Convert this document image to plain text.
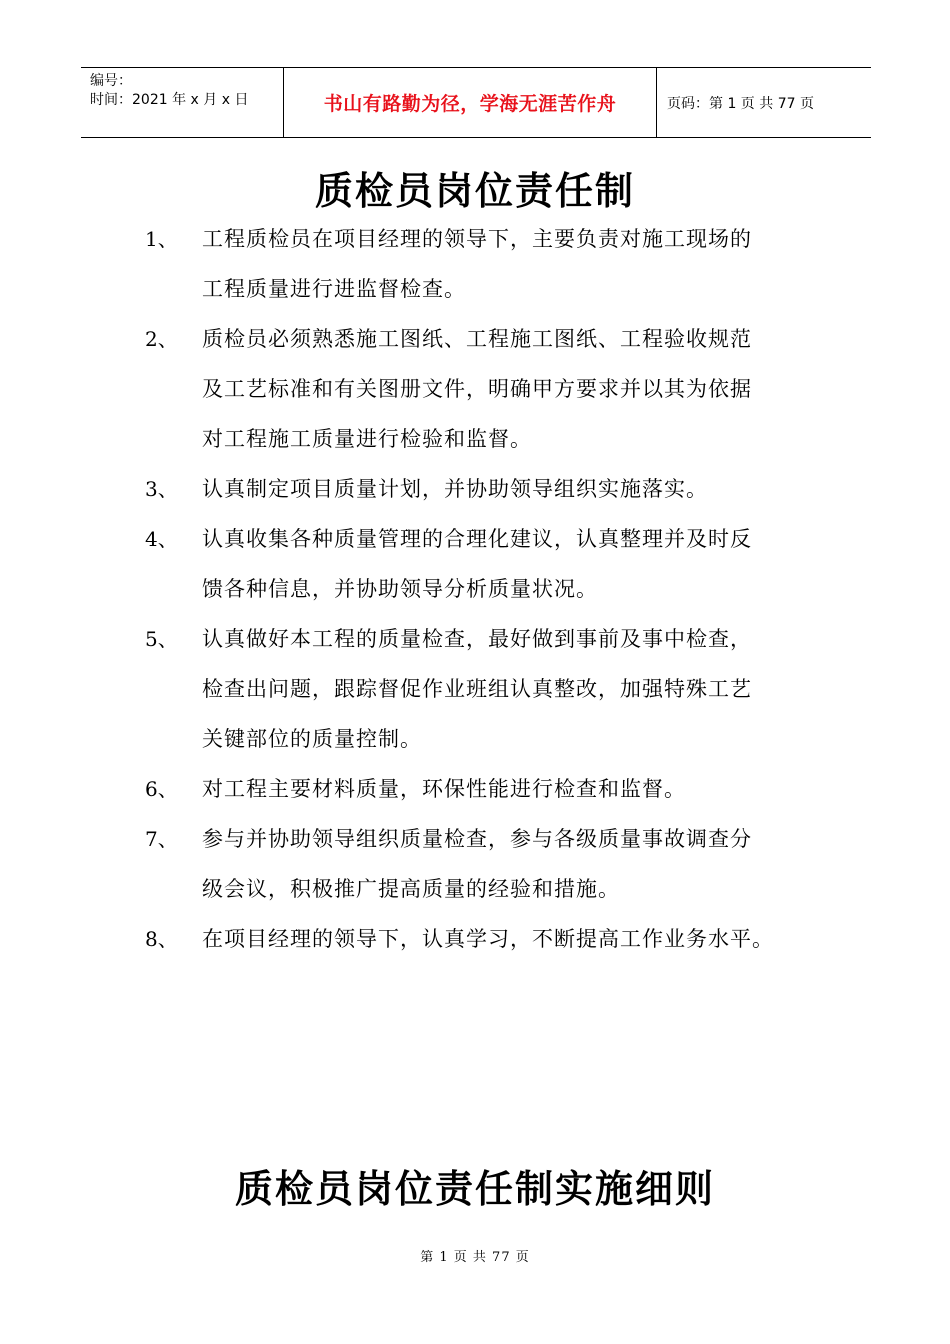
编号：
时间：2021 年 x 月 x 日	书山有路勤为径，学海无涯苦作舟	页码：第 1 页 共 77 页
质检员岗位责任制
1、 工程质检员在项目经理的领导下，主要负责对施工现场的
工程质量进行进监督检查。
2、 质检员必须熟悉施工图纸、工程施工图纸、工程验收规范
及工艺标准和有关图册文件，明确甲方要求并以其为依据
对工程施工质量进行检验和监督。
3、 认真制定项目质量计划，并协助领导组织实施落实。
4、 认真收集各种质量管理的合理化建议，认真整理并及时反
馈各种信息，并协助领导分析质量状况。
5、 认真做好本工程的质量检查，最好做到事前及事中检查，
检查出问题，跟踪督促作业班组认真整改，加强特殊工艺
关键部位的质量控制。
6、 对工程主要材料质量，环保性能进行检查和监督。
7、 参与并协助领导组织质量检查，参与各级质量事故调查分
级会议，积极推广提高质量的经验和措施。
8、 在项目经理的领导下，认真学习，不断提高工作业务水平。
质检员岗位责任制实施细则
第 1 页 共 77 页
